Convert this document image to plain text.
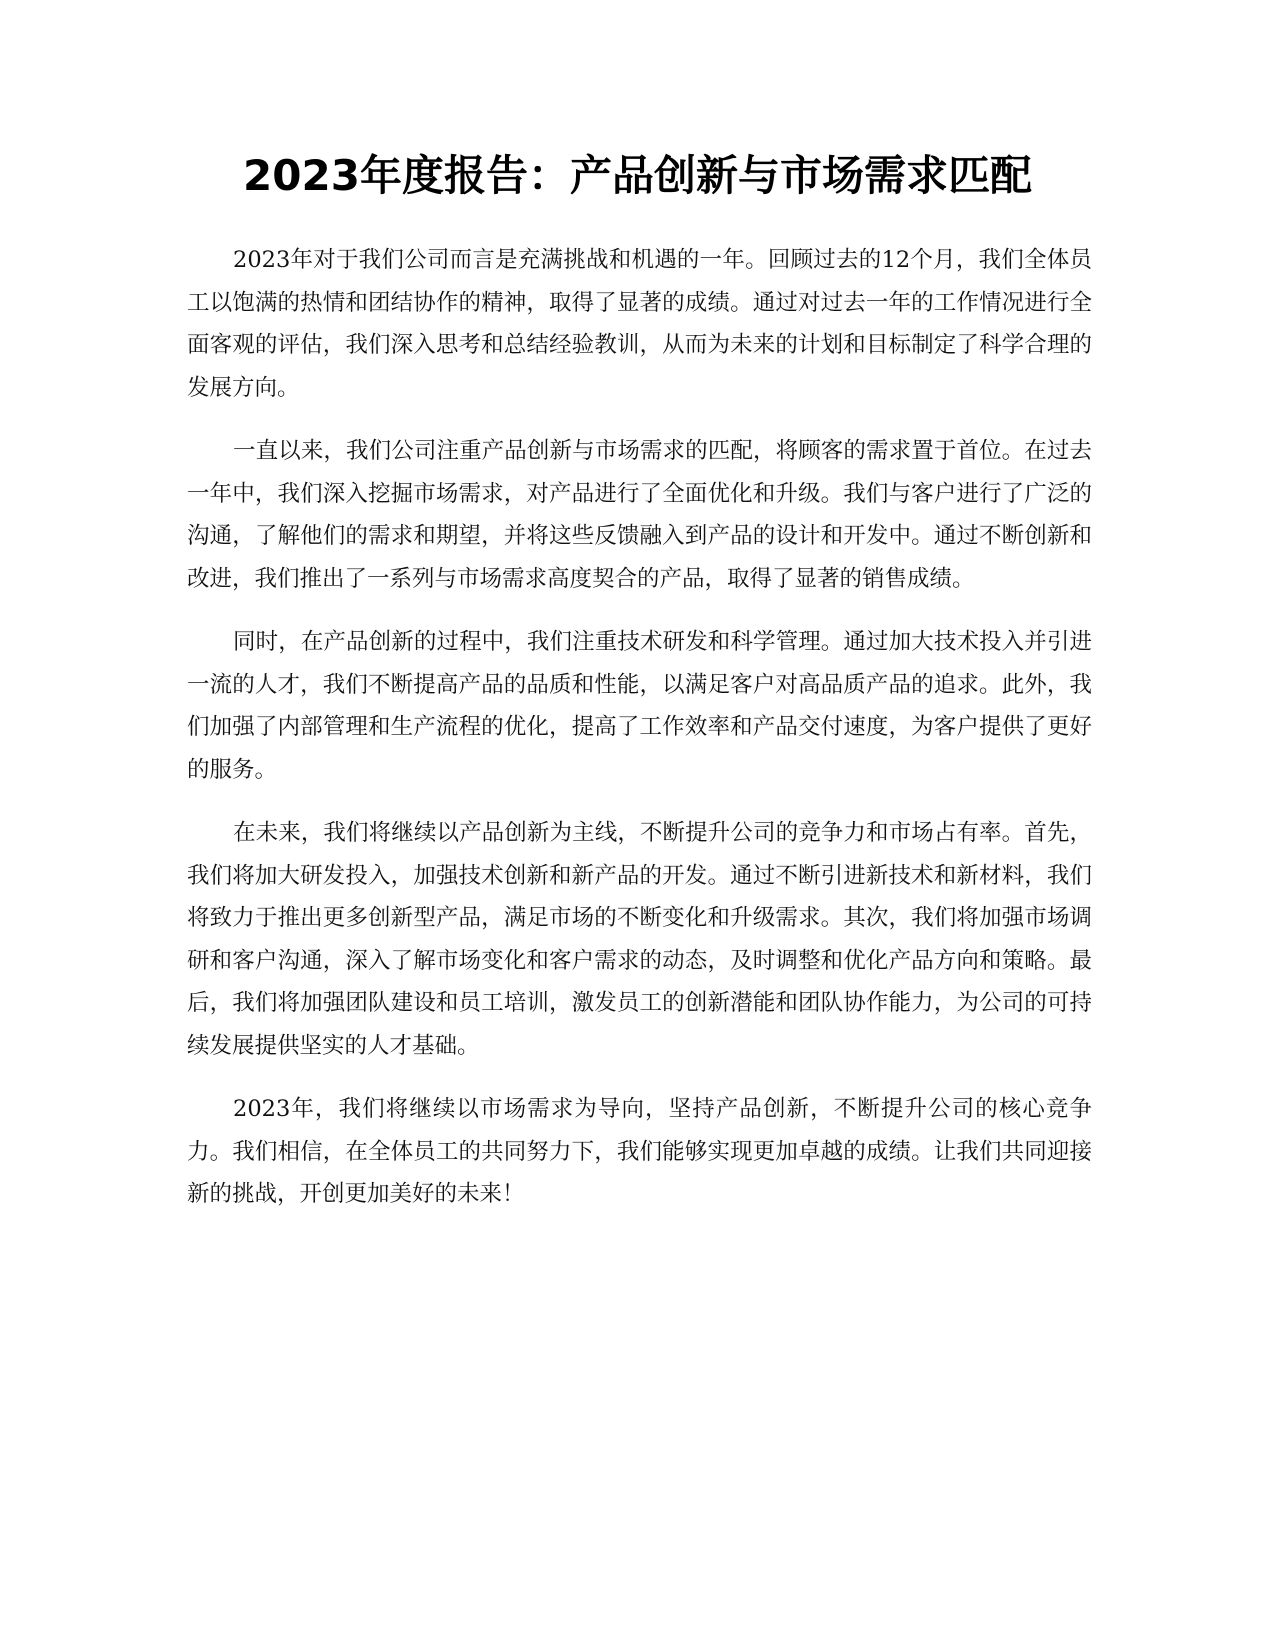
2023年度报告：产品创新与市场需求匹配

2023年对于我们公司而言是充满挑战和机遇的一年。回顾过去的12个月，我们全体员工以饱满的热情和团结协作的精神，取得了显著的成绩。通过对过去一年的工作情况进行全面客观的评估，我们深入思考和总结经验教训，从而为未来的计划和目标制定了科学合理的发展方向。

一直以来，我们公司注重产品创新与市场需求的匹配，将顾客的需求置于首位。在过去一年中，我们深入挖掘市场需求，对产品进行了全面优化和升级。我们与客户进行了广泛的沟通，了解他们的需求和期望，并将这些反馈融入到产品的设计和开发中。通过不断创新和改进，我们推出了一系列与市场需求高度契合的产品，取得了显著的销售成绩。

同时，在产品创新的过程中，我们注重技术研发和科学管理。通过加大技术投入并引进一流的人才，我们不断提高产品的品质和性能，以满足客户对高品质产品的追求。此外，我们加强了内部管理和生产流程的优化，提高了工作效率和产品交付速度，为客户提供了更好的服务。

在未来，我们将继续以产品创新为主线，不断提升公司的竞争力和市场占有率。首先，我们将加大研发投入，加强技术创新和新产品的开发。通过不断引进新技术和新材料，我们将致力于推出更多创新型产品，满足市场的不断变化和升级需求。其次，我们将加强市场调研和客户沟通，深入了解市场变化和客户需求的动态，及时调整和优化产品方向和策略。最后，我们将加强团队建设和员工培训，激发员工的创新潜能和团队协作能力，为公司的可持续发展提供坚实的人才基础。

2023年，我们将继续以市场需求为导向，坚持产品创新，不断提升公司的核心竞争力。我们相信，在全体员工的共同努力下，我们能够实现更加卓越的成绩。让我们共同迎接新的挑战，开创更加美好的未来！
